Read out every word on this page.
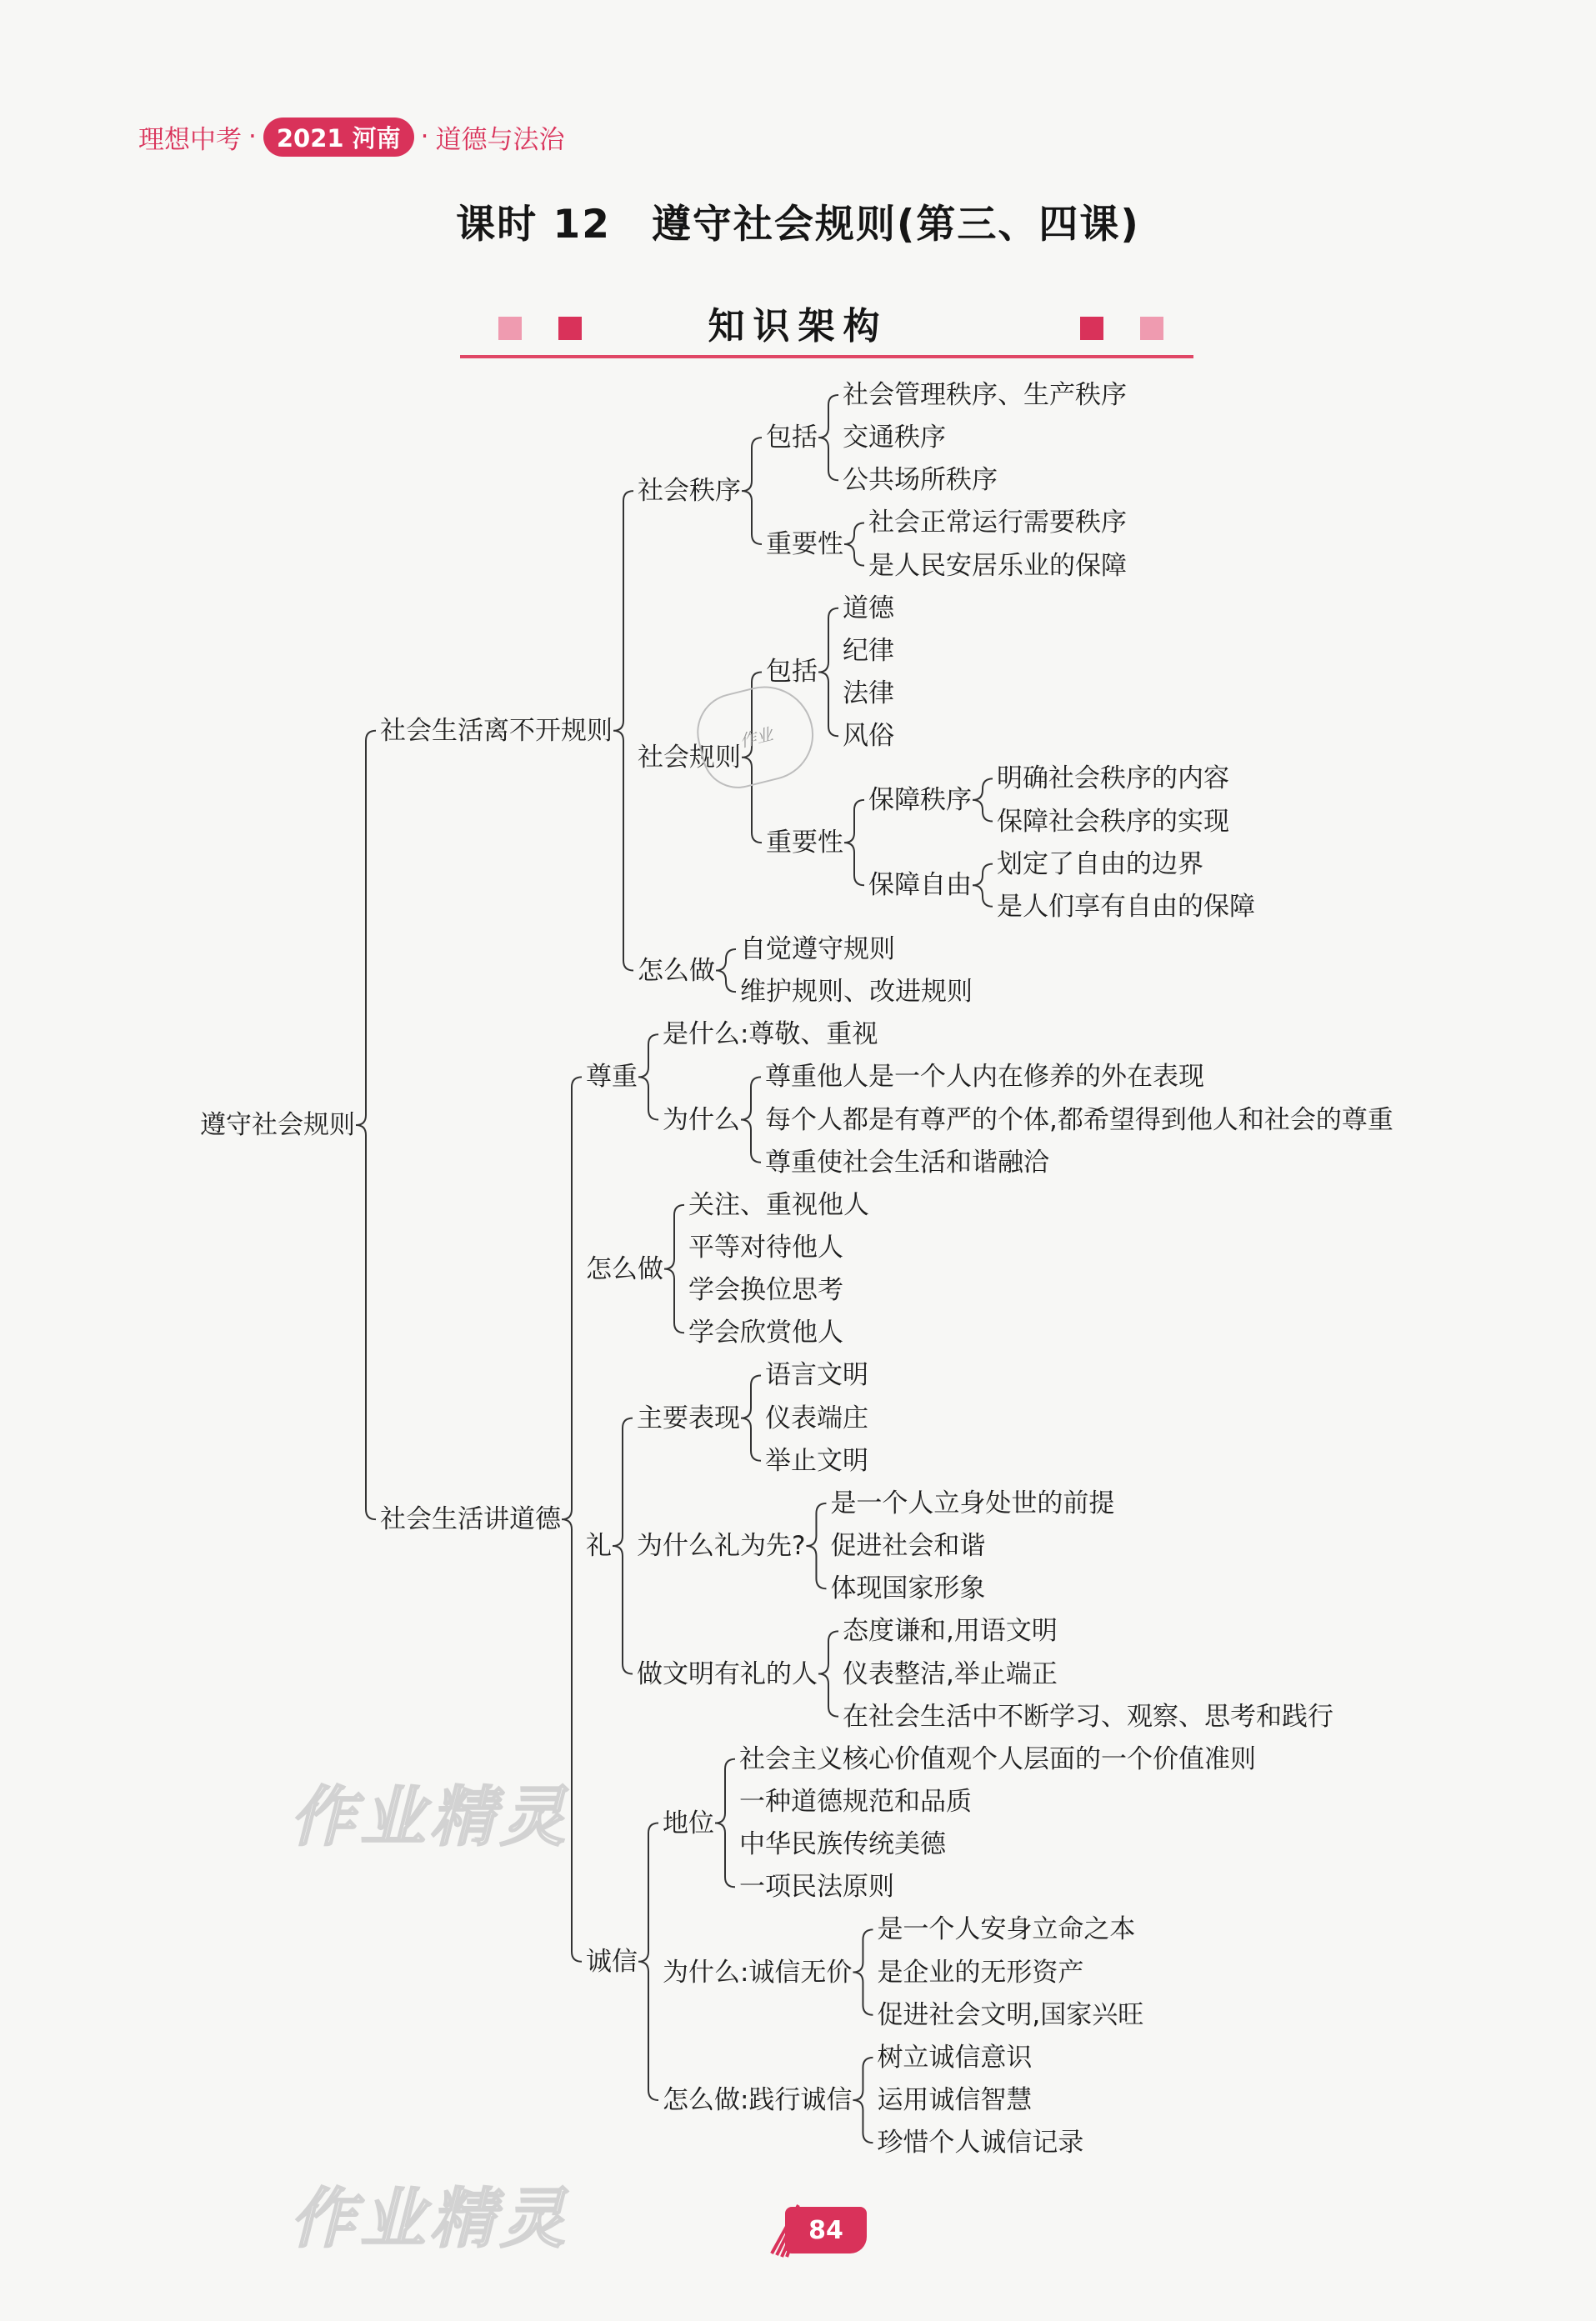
理想中考 · 2021 河南 · 道德与法治
课时 12　遵守社会规则(第三、四课)
知识架构
社会管理秩序、生产秩序
交通秩序
公共场所秩序
包括
社会正常运行需要秩序
是人民安居乐业的保障
重要性
社会秩序
道德
纪律
法律
风俗
包括
明确社会秩序的内容
保障社会秩序的实现
保障秩序
划定了自由的边界
是人们享有自由的保障
保障自由
重要性
社会规则
自觉遵守规则
维护规则、改进规则
怎么做
社会生活离不开规则
是什么:尊敬、重视
尊重他人是一个人内在修养的外在表现
每个人都是有尊严的个体,都希望得到他人和社会的尊重
尊重使社会生活和谐融洽
为什么
尊重
关注、重视他人
平等对待他人
学会换位思考
学会欣赏他人
怎么做
语言文明
仪表端庄
举止文明
主要表现
是一个人立身处世的前提
促进社会和谐
体现国家形象
为什么礼为先?
态度谦和,用语文明
仪表整洁,举止端正
在社会生活中不断学习、观察、思考和践行
做文明有礼的人
礼
社会主义核心价值观个人层面的一个价值准则
一种道德规范和品质
中华民族传统美德
一项民法原则
地位
是一个人安身立命之本
是企业的无形资产
促进社会文明,国家兴旺
为什么:诚信无价
树立诚信意识
运用诚信智慧
珍惜个人诚信记录
怎么做:践行诚信
诚信
社会生活讲道德
遵守社会规则
作业
作业精灵
作业精灵	84
